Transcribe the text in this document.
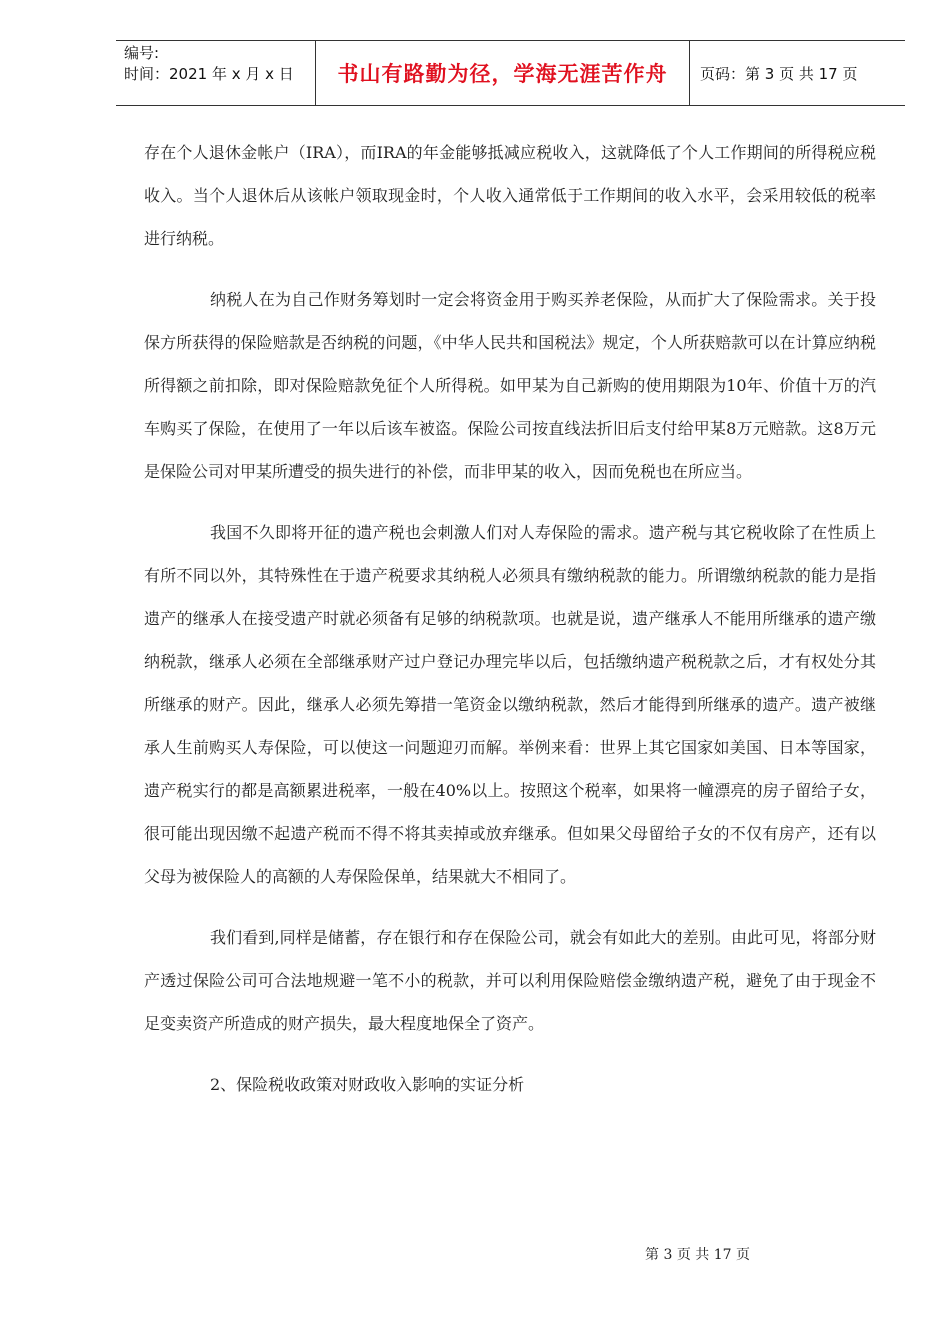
编号:
时间：2021 年 x 月 x 日	书山有路勤为径，学海无涯苦作舟	页码：第 3 页 共 17 页

存在个人退休金帐户（IRA），而IRA的年金能够抵减应税收入，这就降低了个人工作期间的所得税应税收入。当个人退休后从该帐户领取现金时，个人收入通常低于工作期间的收入水平，会采用较低的税率进行纳税。

纳税人在为自己作财务筹划时一定会将资金用于购买养老保险，从而扩大了保险需求。关于投保方所获得的保险赔款是否纳税的问题，《中华人民共和国税法》规定，个人所获赔款可以在计算应纳税所得额之前扣除，即对保险赔款免征个人所得税。如甲某为自己新购的使用期限为10年、价值十万的汽车购买了保险，在使用了一年以后该车被盗。保险公司按直线法折旧后支付给甲某8万元赔款。这8万元是保险公司对甲某所遭受的损失进行的补偿，而非甲某的收入，因而免税也在所应当。

我国不久即将开征的遗产税也会刺激人们对人寿保险的需求。遗产税与其它税收除了在性质上有所不同以外，其特殊性在于遗产税要求其纳税人必须具有缴纳税款的能力。所谓缴纳税款的能力是指遗产的继承人在接受遗产时就必须备有足够的纳税款项。也就是说，遗产继承人不能用所继承的遗产缴纳税款，继承人必须在全部继承财产过户登记办理完毕以后，包括缴纳遗产税税款之后，才有权处分其所继承的财产。因此，继承人必须先筹措一笔资金以缴纳税款，然后才能得到所继承的遗产。遗产被继承人生前购买人寿保险，可以使这一问题迎刃而解。举例来看：世界上其它国家如美国、日本等国家，遗产税实行的都是高额累进税率，一般在40%以上。按照这个税率，如果将一幢漂亮的房子留给子女，很可能出现因缴不起遗产税而不得不将其卖掉或放弃继承。但如果父母留给子女的不仅有房产，还有以父母为被保险人的高额的人寿保险保单，结果就大不相同了。

我们看到,同样是储蓄，存在银行和存在保险公司，就会有如此大的差别。由此可见，将部分财产透过保险公司可合法地规避一笔不小的税款，并可以利用保险赔偿金缴纳遗产税，避免了由于现金不足变卖资产所造成的财产损失，最大程度地保全了资产。

2、保险税收政策对财政收入影响的实证分析

第 3 页 共 17 页
